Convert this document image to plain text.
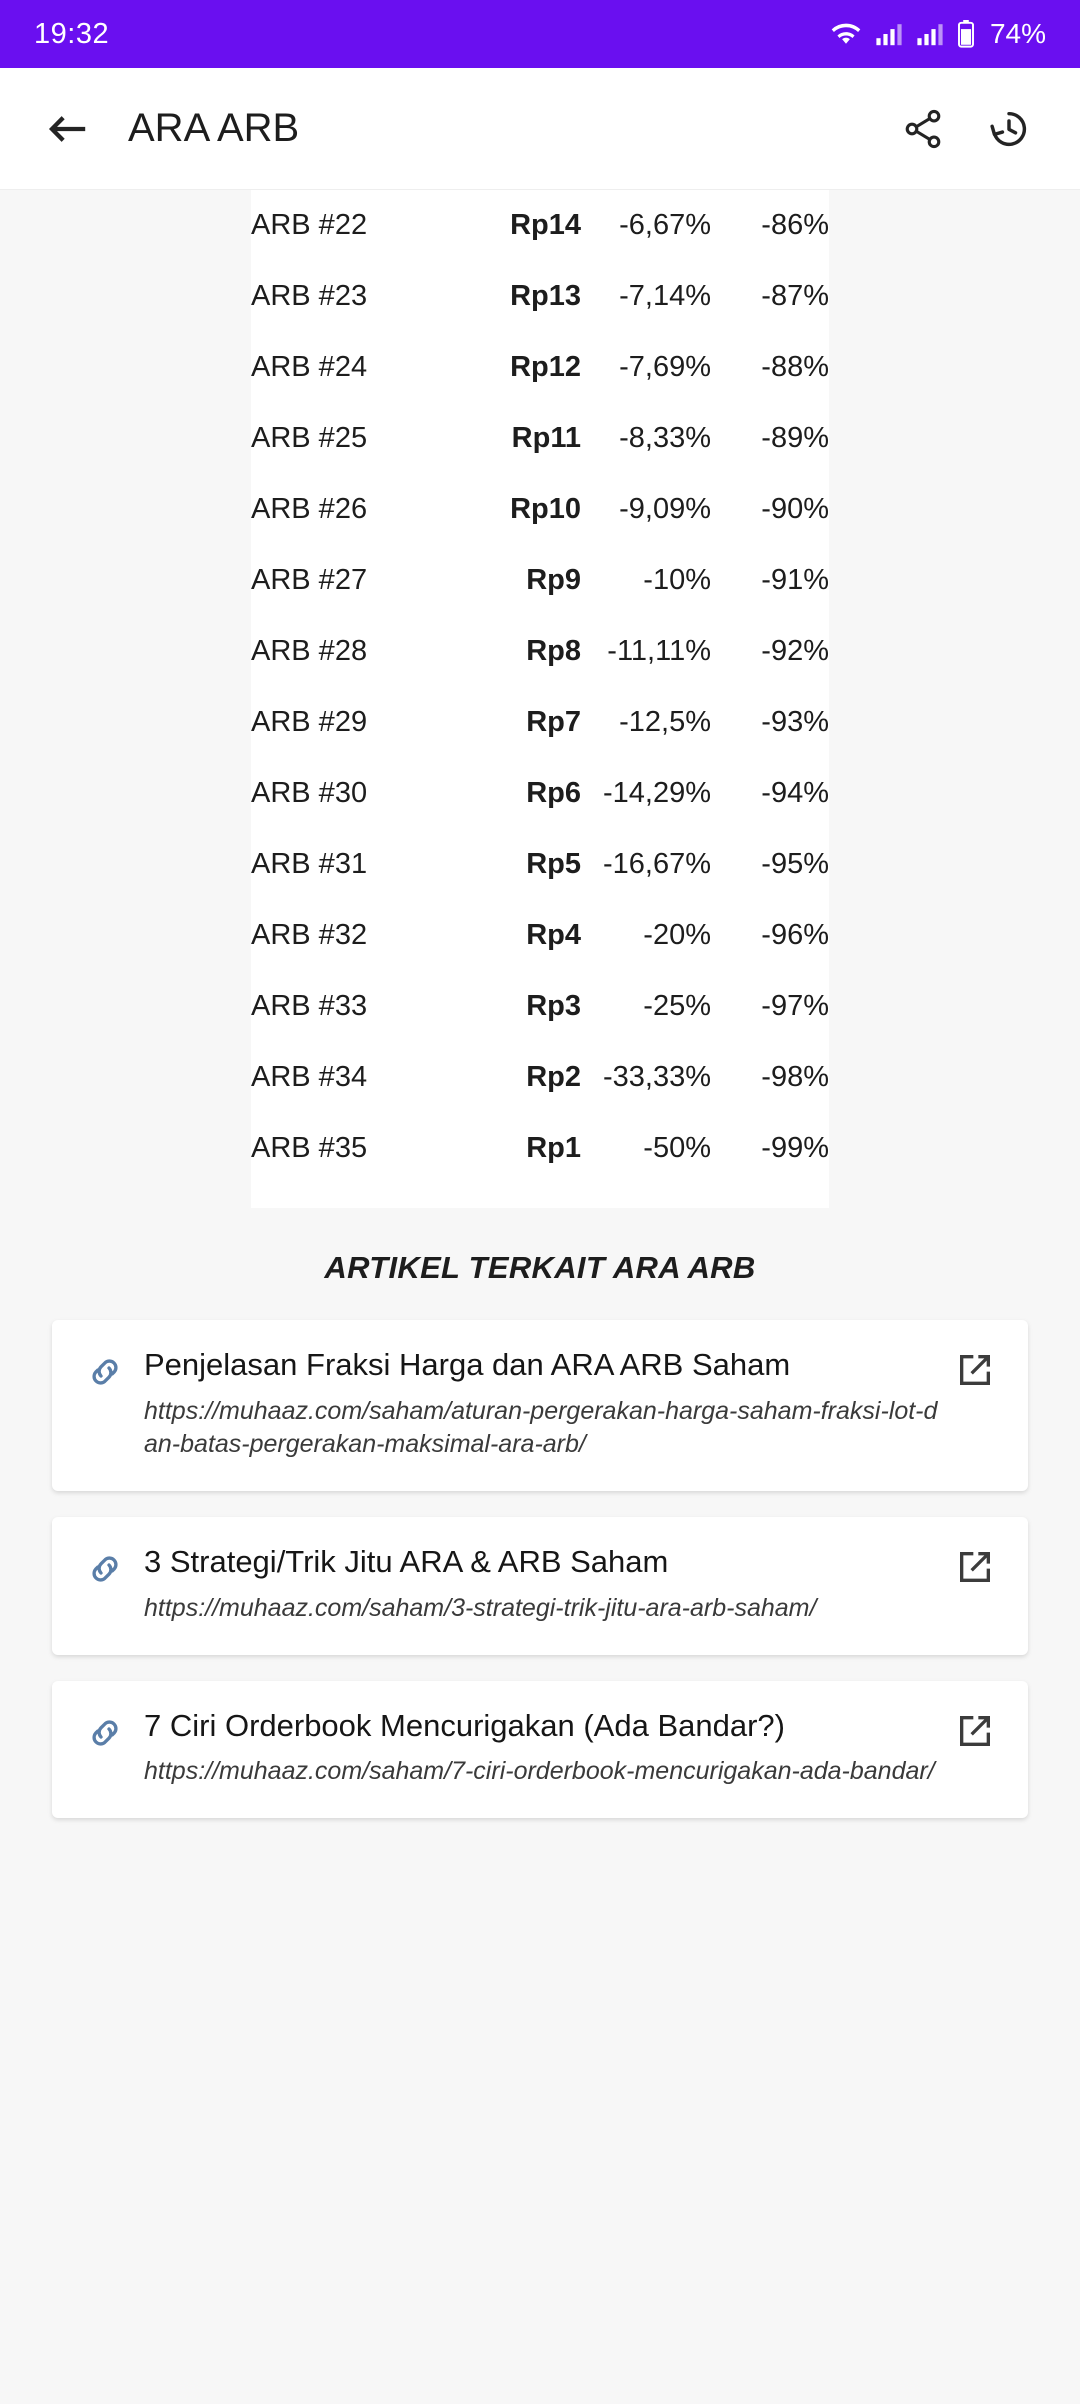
19:32	74%
ARA ARB
ARB #22	Rp14	-6,67%	-86%
ARB #23	Rp13	-7,14%	-87%
ARB #24	Rp12	-7,69%	-88%
ARB #25	Rp11	-8,33%	-89%
ARB #26	Rp10	-9,09%	-90%
ARB #27	Rp9	-10%	-91%
ARB #28	Rp8	-11,11%	-92%
ARB #29	Rp7	-12,5%	-93%
ARB #30	Rp6	-14,29%	-94%
ARB #31	Rp5	-16,67%	-95%
ARB #32	Rp4	-20%	-96%
ARB #33	Rp3	-25%	-97%
ARB #34	Rp2	-33,33%	-98%
ARB #35	Rp1	-50%	-99%
ARTIKEL TERKAIT ARA ARB
Penjelasan Fraksi Harga dan ARA ARB Saham
https://muhaaz.com/saham/aturan-pergerakan-harga-saham-fraksi-lot-dan-batas-pergerakan-maksimal-ara-arb/
3 Strategi/Trik Jitu ARA & ARB Saham
https://muhaaz.com/saham/3-strategi-trik-jitu-ara-arb-saham/
7 Ciri Orderbook Mencurigakan (Ada Bandar?)
https://muhaaz.com/saham/7-ciri-orderbook-mencurigakan-ada-bandar/
